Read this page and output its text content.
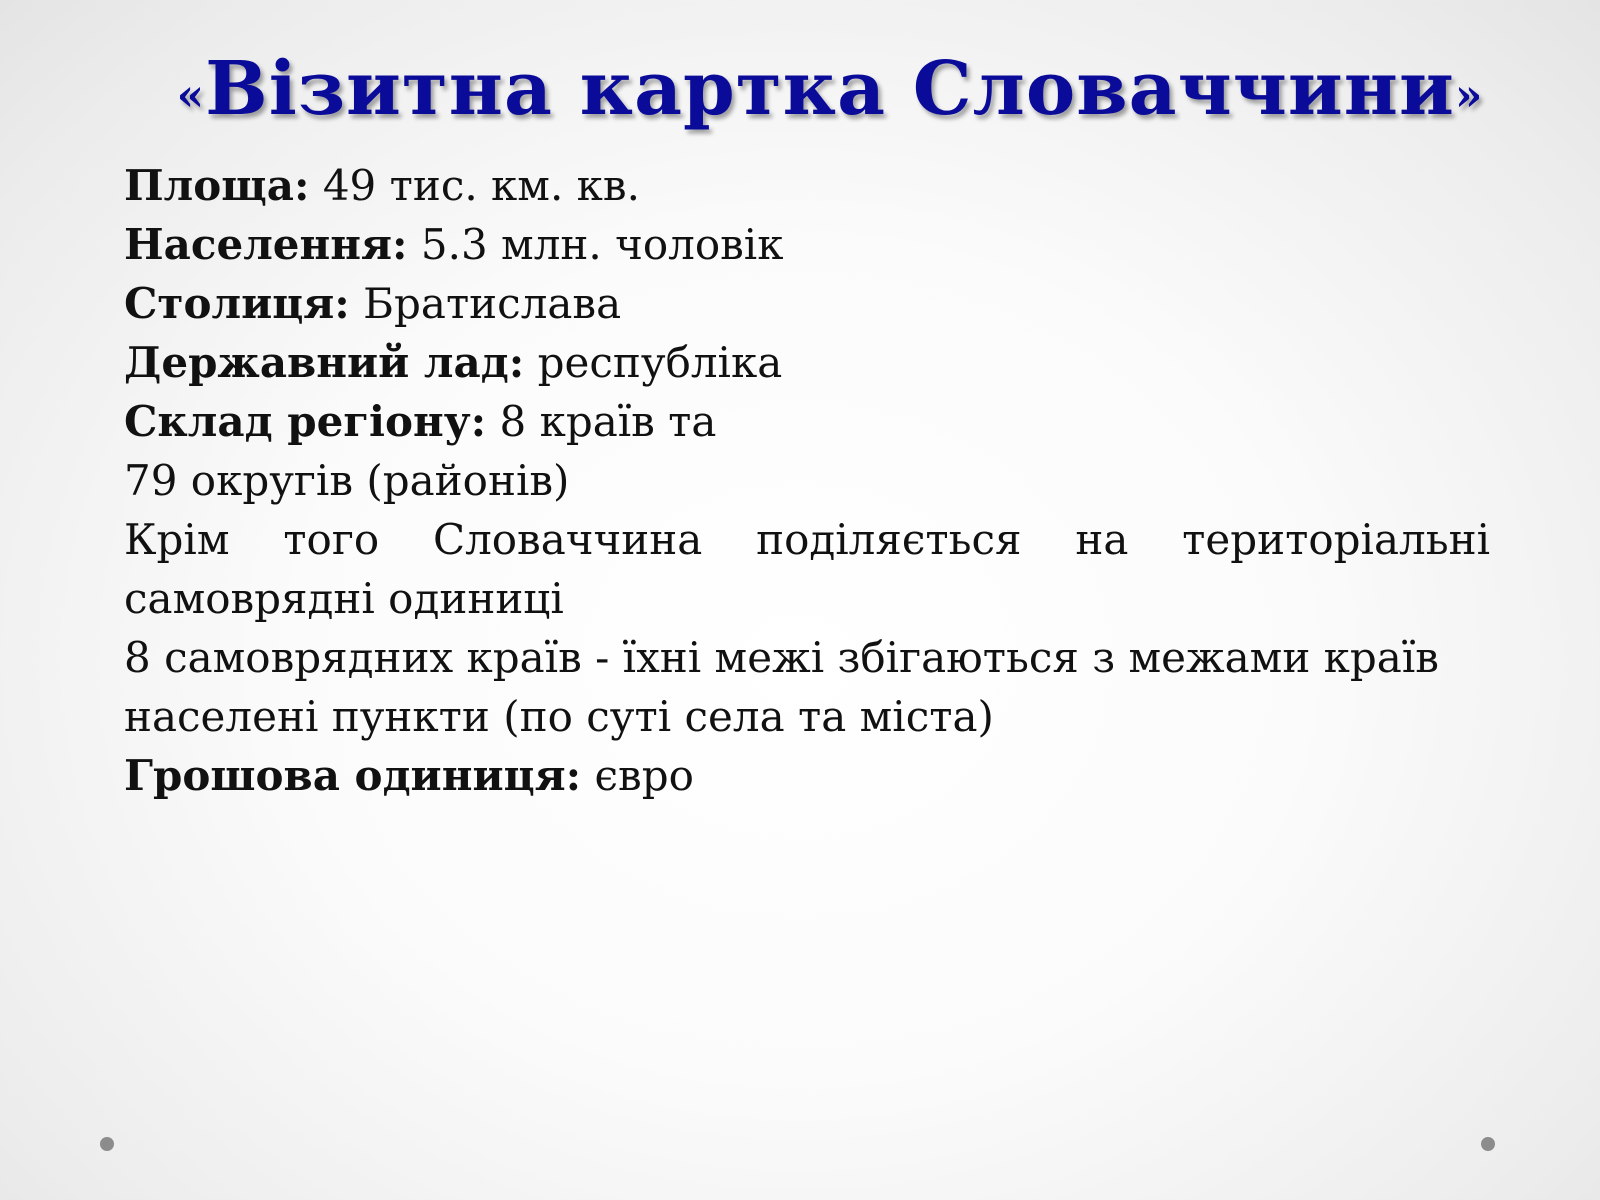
«Візитна картка Словаччини»
Площа: 49 тис. км. кв.
Населення: 5.3 млн. чоловік
Столиця: Братислава
Державний лад: республіка
Склад регіону: 8 країв та
79 округів (районів)
Крім того Словаччина поділяється на територіальні
самоврядні одиниці
8 самоврядних країв - їхні межі збігаються з межами країв
населені пункти (по суті села та міста)
Грошова одиниця: євро
